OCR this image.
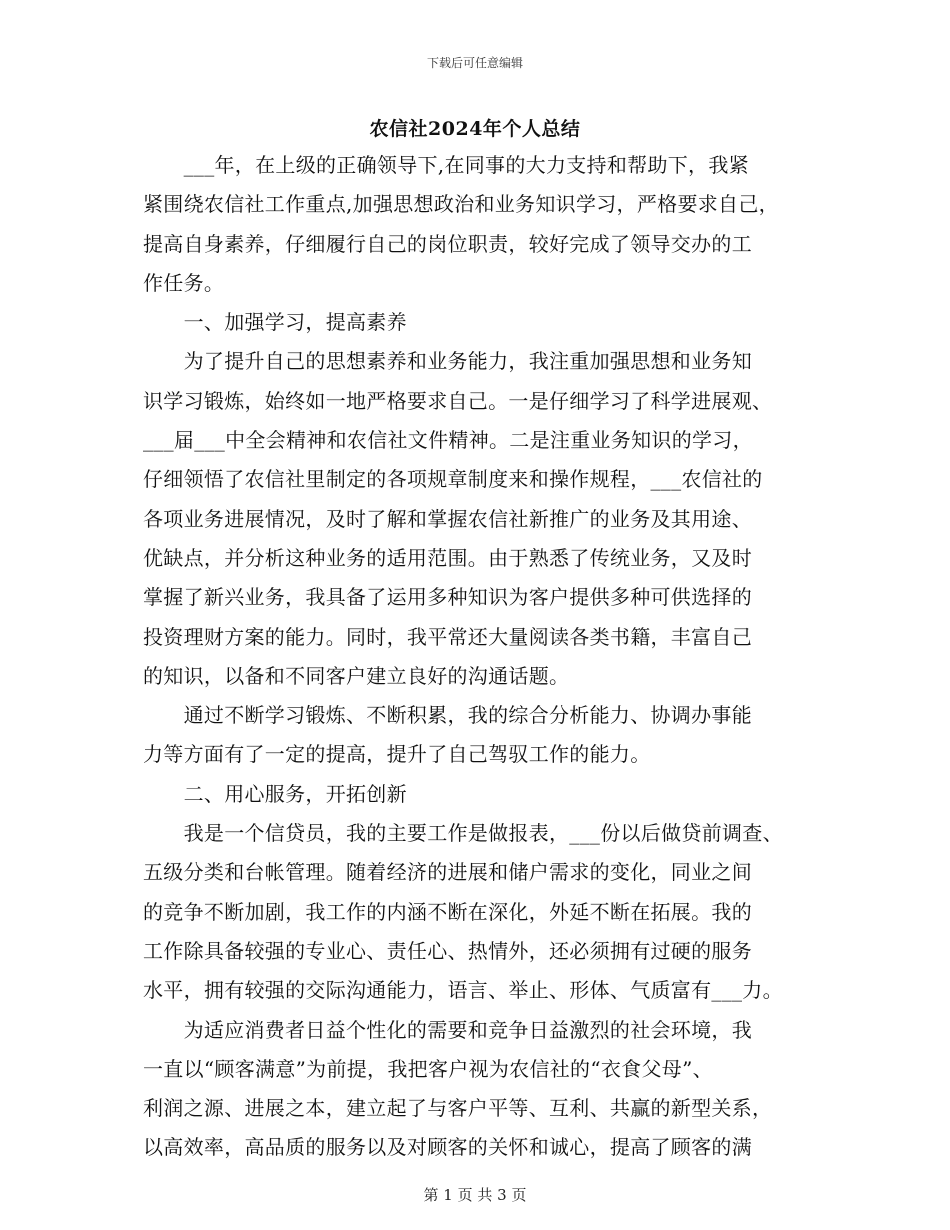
下载后可任意编辑
农信社2024年个人总结
　　___年，在上级的正确领导下,在同事的大力支持和帮助下，我紧
紧围绕农信社工作重点,加强思想政治和业务知识学习，严格要求自己，
提高自身素养，仔细履行自己的岗位职责，较好完成了领导交办的工
作任务。
　　一、加强学习，提高素养
　　为了提升自己的思想素养和业务能力，我注重加强思想和业务知
识学习锻炼，始终如一地严格要求自己。一是仔细学习了科学进展观、
___届___中全会精神和农信社文件精神。二是注重业务知识的学习，
仔细领悟了农信社里制定的各项规章制度来和操作规程，___农信社的
各项业务进展情况，及时了解和掌握农信社新推广的业务及其用途、
优缺点，并分析这种业务的适用范围。由于熟悉了传统业务，又及时
掌握了新兴业务，我具备了运用多种知识为客户提供多种可供选择的
投资理财方案的能力。同时，我平常还大量阅读各类书籍，丰富自己
的知识，以备和不同客户建立良好的沟通话题。
　　通过不断学习锻炼、不断积累，我的综合分析能力、协调办事能
力等方面有了一定的提高，提升了自己驾驭工作的能力。
　　二、用心服务，开拓创新
　　我是一个信贷员，我的主要工作是做报表，___份以后做贷前调查、
五级分类和台帐管理。随着经济的进展和储户需求的变化，同业之间
的竞争不断加剧，我工作的内涵不断在深化，外延不断在拓展。我的
工作除具备较强的专业心、责任心、热情外，还必须拥有过硬的服务
水平，拥有较强的交际沟通能力，语言、举止、形体、气质富有___力。
　　为适应消费者日益个性化的需要和竞争日益激烈的社会环境，我
一直以“顾客满意”为前提，我把客户视为农信社的“衣食父母”、
利润之源、进展之本，建立起了与客户平等、互利、共赢的新型关系，
以高效率，高品质的服务以及对顾客的关怀和诚心，提高了顾客的满
第 1 页 共 3 页
